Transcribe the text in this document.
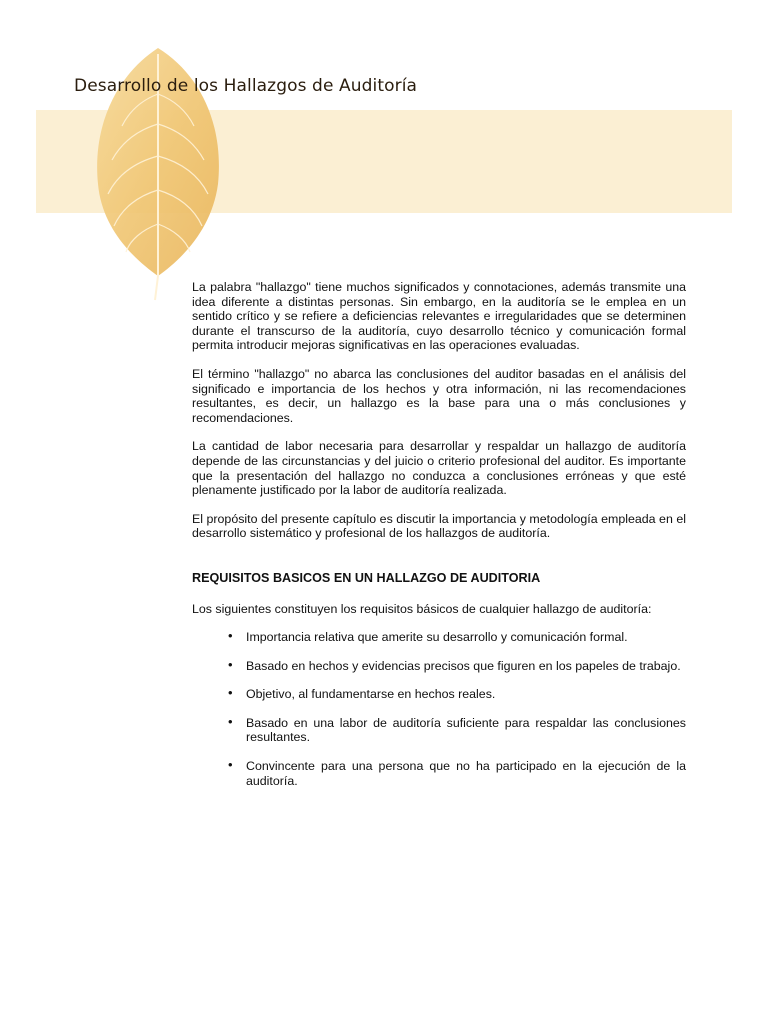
Desarrollo de los Hallazgos de Auditoría

La palabra "hallazgo" tiene muchos significados y connotaciones, además transmite una idea diferente a distintas personas. Sin embargo, en la auditoría se le emplea en un sentido crítico y se refiere a deficiencias relevantes e irregularidades que se determinen durante el transcurso de la auditoría, cuyo desarrollo técnico y comunicación formal permita introducir mejoras significativas en las operaciones evaluadas.

El término "hallazgo" no abarca las conclusiones del auditor basadas en el análisis del significado e importancia de los hechos y otra información, ni las recomendaciones resultantes, es decir, un hallazgo es la base para una o más conclusiones y recomendaciones.

La cantidad de labor necesaria para desarrollar y respaldar un hallazgo de auditoría depende de las circunstancias y del juicio o criterio profesional del auditor. Es importante que la presentación del hallazgo no conduzca a conclusiones erróneas y que esté plenamente justificado por la labor de auditoría realizada.

El propósito del presente capítulo es discutir la importancia y metodología empleada en el desarrollo sistemático y profesional de los hallazgos de auditoría.

REQUISITOS BASICOS EN UN HALLAZGO DE AUDITORIA

Los siguientes constituyen los requisitos básicos de cualquier hallazgo de auditoría:

• Importancia relativa que amerite su desarrollo y comunicación formal.
• Basado en hechos y evidencias precisos que figuren en los papeles de trabajo.
• Objetivo, al fundamentarse en hechos reales.
• Basado en una labor de auditoría suficiente para respaldar las conclusiones resultantes.
• Convincente para una persona que no ha participado en la ejecución de la auditoría.
